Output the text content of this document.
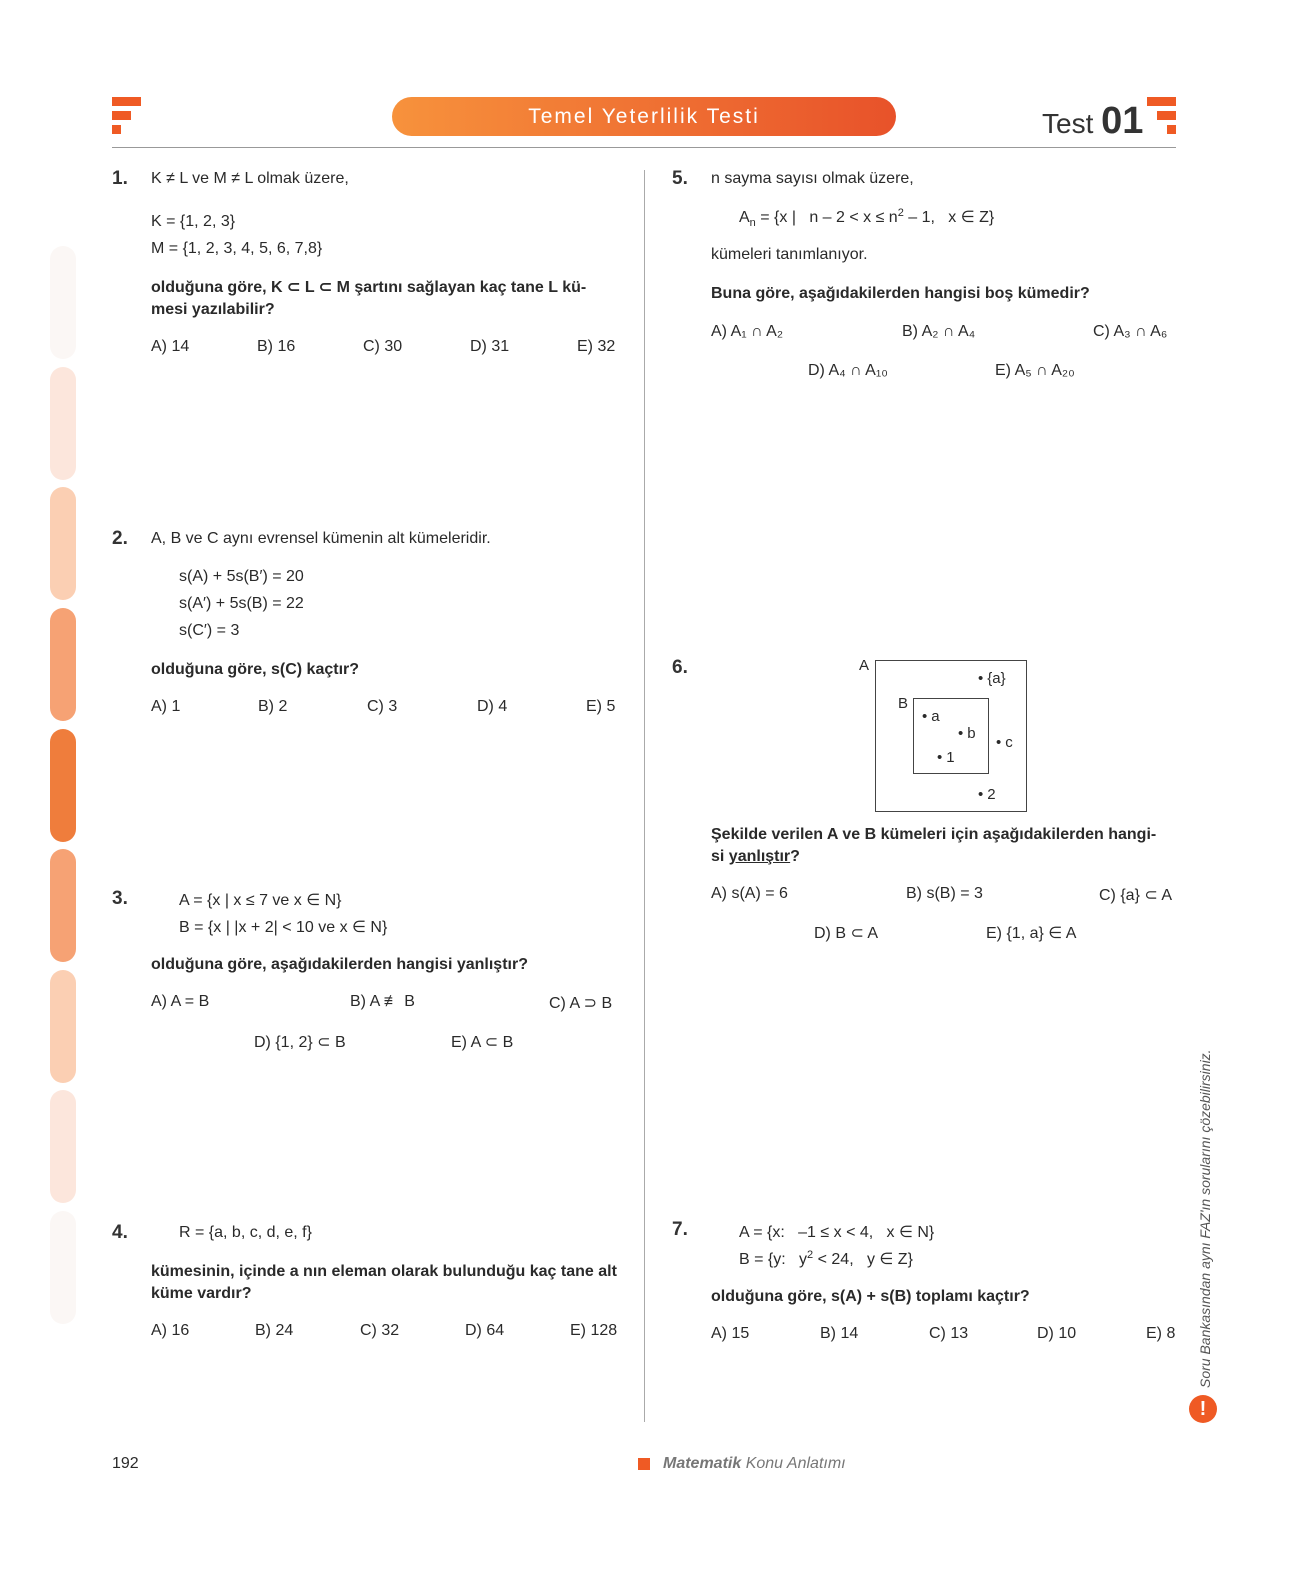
Temel Yeterlilik Testi	Test 01
1. K ≠ L ve M ≠ L olmak üzere,
K = {1, 2, 3}
M = {1, 2, 3, 4, 5, 6, 7,8}
olduğuna göre, K ⊂ L ⊂ M şartını sağlayan kaç tane L kü-mesi yazılabilir?
A) 14	B) 16	C) 30	D) 31	E) 32
2. A, B ve C aynı evrensel kümenin alt kümeleridir.
s(A) + 5s(B′) = 20
s(A′) + 5s(B) = 22
s(C′) = 3
olduğuna göre, s(C) kaçtır?
A) 1	B) 2	C) 3	D) 4	E) 5
3.	A = {x | x ≤ 7 ve x ∈ N}
B = {x | |x + 2| < 10 ve x ∈ N}
olduğuna göre, aşağıdakilerden hangisi yanlıştır?
A) A = B	B) A ≢ B	C) A ⊃ B
D) {1, 2} ⊂ B	E) A ⊂ B
4.	R = {a, b, c, d, e, f}
kümesinin, içinde a nın eleman olarak bulunduğu kaç tane alt küme vardır?
A) 16	B) 24	C) 32	D) 64	E) 128
5. n sayma sayısı olmak üzere,
$A_n = \{x$ |   $n - 2 < x \le n^2 - 1$,   x ∈ Z}
kümeleri tanımlanıyor.
Buna göre, aşağıdakilerden hangisi boş kümedir?
A) A₁ ∩ A₂	B) A₂ ∩ A₄	C) A₃ ∩ A₆
D) A₄ ∩ A₁₀	E) A₅ ∩ A₂₀
6.	A
B
• {a}
• a
• b
• 1
• c
• 2
Şekilde verilen A ve B kümeleri için aşağıdakilerden hangi-
si yanlıştır?
A) s(A) = 6	B) s(B) = 3	C) {a} ⊂ A
D) B ⊂ A	E) {1, a} ∈ A
7.	A = {x:   –1 ≤ x < 4,   x ∈ N}
B = {y:   $y^2 < 24$,   y ∈ Z}
olduğuna göre, s(A) + s(B) toplamı kaçtır?
A) 15	B) 14	C) 13	D) 10	E) 8 Soru Bankasından aynı FAZ'ın sorularını çözebilirsiniz.
!
192	Matematik Konu Anlatımı
